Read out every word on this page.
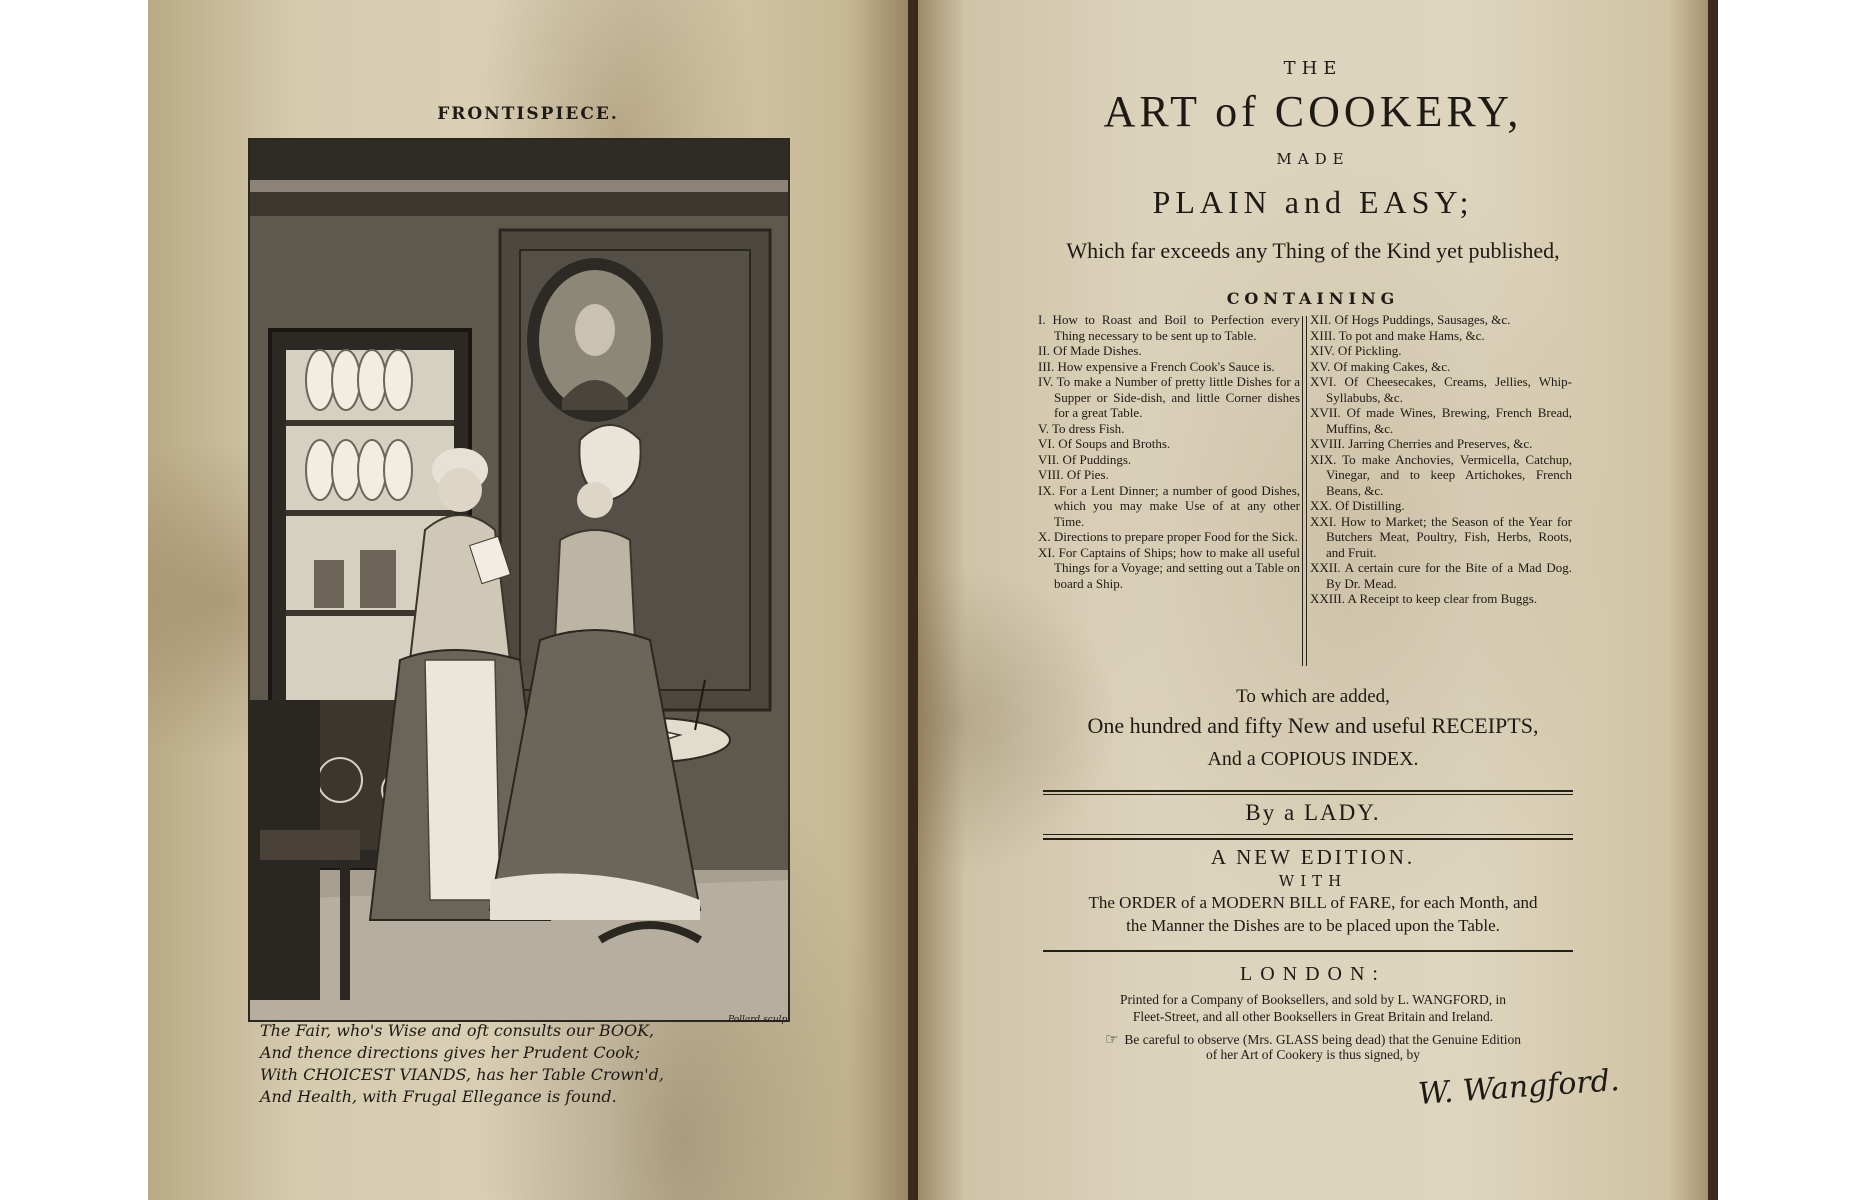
FRONTISPIECE.
Pollard sculp
The Fair, who's Wise and oft consults our BOOK,
And thence directions gives her Prudent Cook;
With CHOICEST VIANDS, has her Table Crown'd,
And Health, with Frugal Ellegance is found.
THE
ART of COOKERY,
MADE
PLAIN and EASY;
Which far exceeds any Thing of the Kind yet published,
CONTAINING
I. How to Roast and Boil to Perfection every Thing necessary to be sent up to Table.
II. Of Made Dishes.
III. How expensive a French Cook's Sauce is.
IV. To make a Number of pretty little Dishes for a Supper or Side-dish, and little Corner dishes for a great Table.
V. To dress Fish.
VI. Of Soups and Broths.
VII. Of Puddings.
VIII. Of Pies.
IX. For a Lent Dinner; a number of good Dishes, which you may make Use of at any other Time.
X. Directions to prepare proper Food for the Sick.
XI. For Captains of Ships; how to make all useful Things for a Voyage; and setting out a Table on board a Ship.
XII. Of Hogs Puddings, Sausages, &c.
XIII. To pot and make Hams, &c.
XIV. Of Pickling.
XV. Of making Cakes, &c.
XVI. Of Cheesecakes, Creams, Jellies, Whip-Syllabubs, &c.
XVII. Of made Wines, Brewing, French Bread, Muffins, &c.
XVIII. Jarring Cherries and Preserves, &c.
XIX. To make Anchovies, Vermicella, Catchup, Vinegar, and to keep Artichokes, French Beans, &c.
XX. Of Distilling.
XXI. How to Market; the Season of the Year for Butchers Meat, Poultry, Fish, Herbs, Roots, and Fruit.
XXII. A certain cure for the Bite of a Mad Dog. By Dr. Mead.
XXIII. A Receipt to keep clear from Buggs.
To which are added,
One hundred and fifty New and useful RECEIPTS,
And a COPIOUS INDEX.
By a LADY.
A NEW EDITION.
WITH
The ORDER of a MODERN BILL of FARE, for each Month, and
the Manner the Dishes are to be placed upon the Table.
LONDON:
Printed for a Company of Booksellers, and sold by L. WANGFORD, in
Fleet-Street, and all other Booksellers in Great Britain and Ireland.
☞ Be careful to observe (Mrs. GLASS being dead) that the Genuine Edition
of her Art of Cookery is thus signed, by
W. Wangford.
